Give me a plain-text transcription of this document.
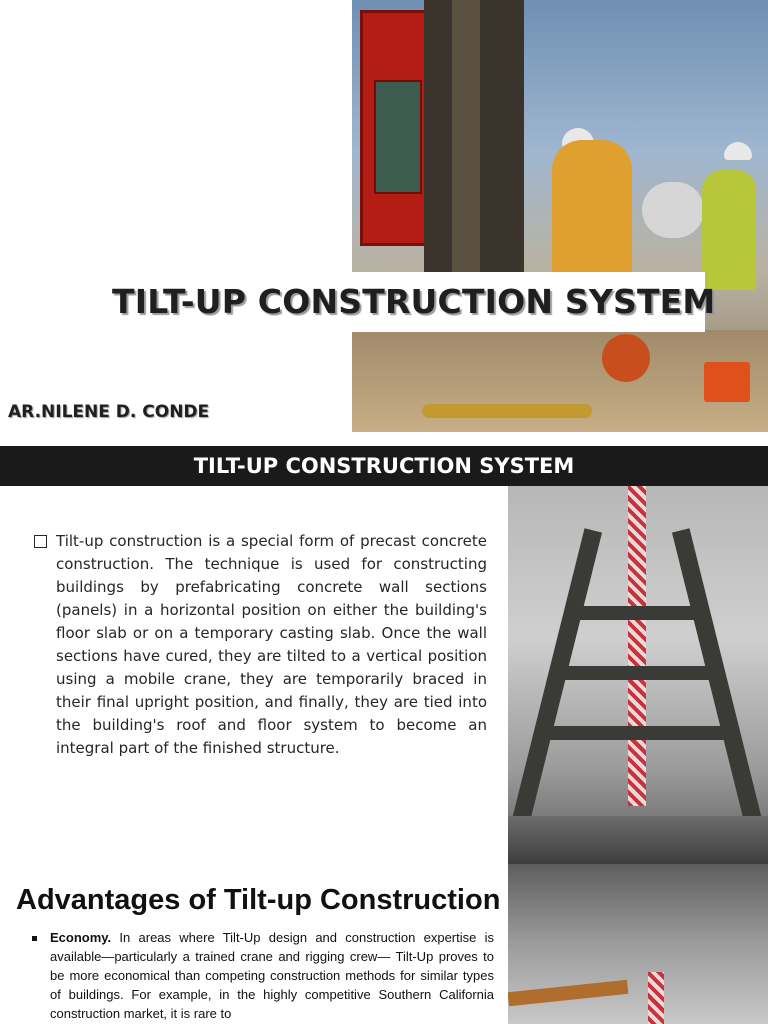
TILT-UP CONSTRUCTION SYSTEM

AR.NILENE D. CONDE

TILT-UP CONSTRUCTION SYSTEM

Tilt-up construction is a special form of precast concrete construction. The technique is used for constructing buildings by prefabricating concrete wall sections (panels) in a horizontal position on either the building's floor slab or on a temporary casting slab. Once the wall sections have cured, they are tilted to a vertical position using a mobile crane, they are temporarily braced in their final upright position, and finally, they are tied into the building's roof and floor system to become an integral part of the finished structure.

Advantages of Tilt-up Construction

Economy. In areas where Tilt-Up design and construction expertise is available—particularly a trained crane and rigging crew— Tilt-Up proves to be more economical than competing construction methods for similar types of buildings. For example, in the highly competitive Southern California construction market, it is rare to
